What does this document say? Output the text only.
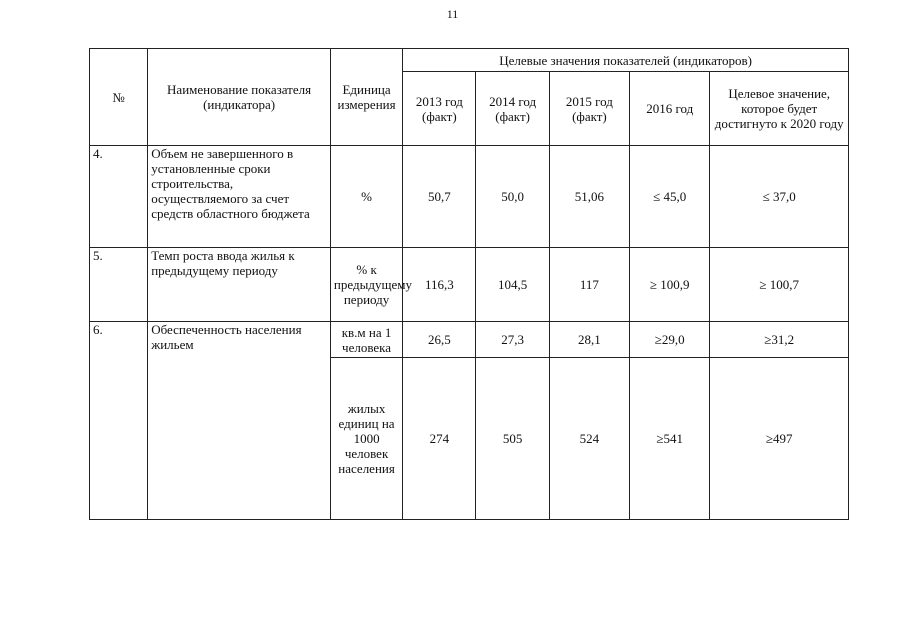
11
№	Наименование показателя (индикатора)	Единица измерения	Целевые значения показателей (индикаторов)				
			2013 год (факт)	2014 год (факт)	2015 год (факт)	2016 год	Целевое значение, которое будет достигнуто к 2020 году
4.	Объем не завершенного в установленные сроки строительства, осуществляемого за счет средств областного бюджета	%	50,7	50,0	51,06	≤ 45,0	≤ 37,0
5.	Темп роста ввода жилья к предыдущему периоду	% к предыдущему периоду	116,3	104,5	117	≥ 100,9	≥ 100,7
6.	Обеспеченность населения жильем	кв.м на 1 человека	26,5	27,3	28,1	≥29,0	≥31,2
		жилых единиц на 1000 человек населения	274	505	524	≥541	≥497
